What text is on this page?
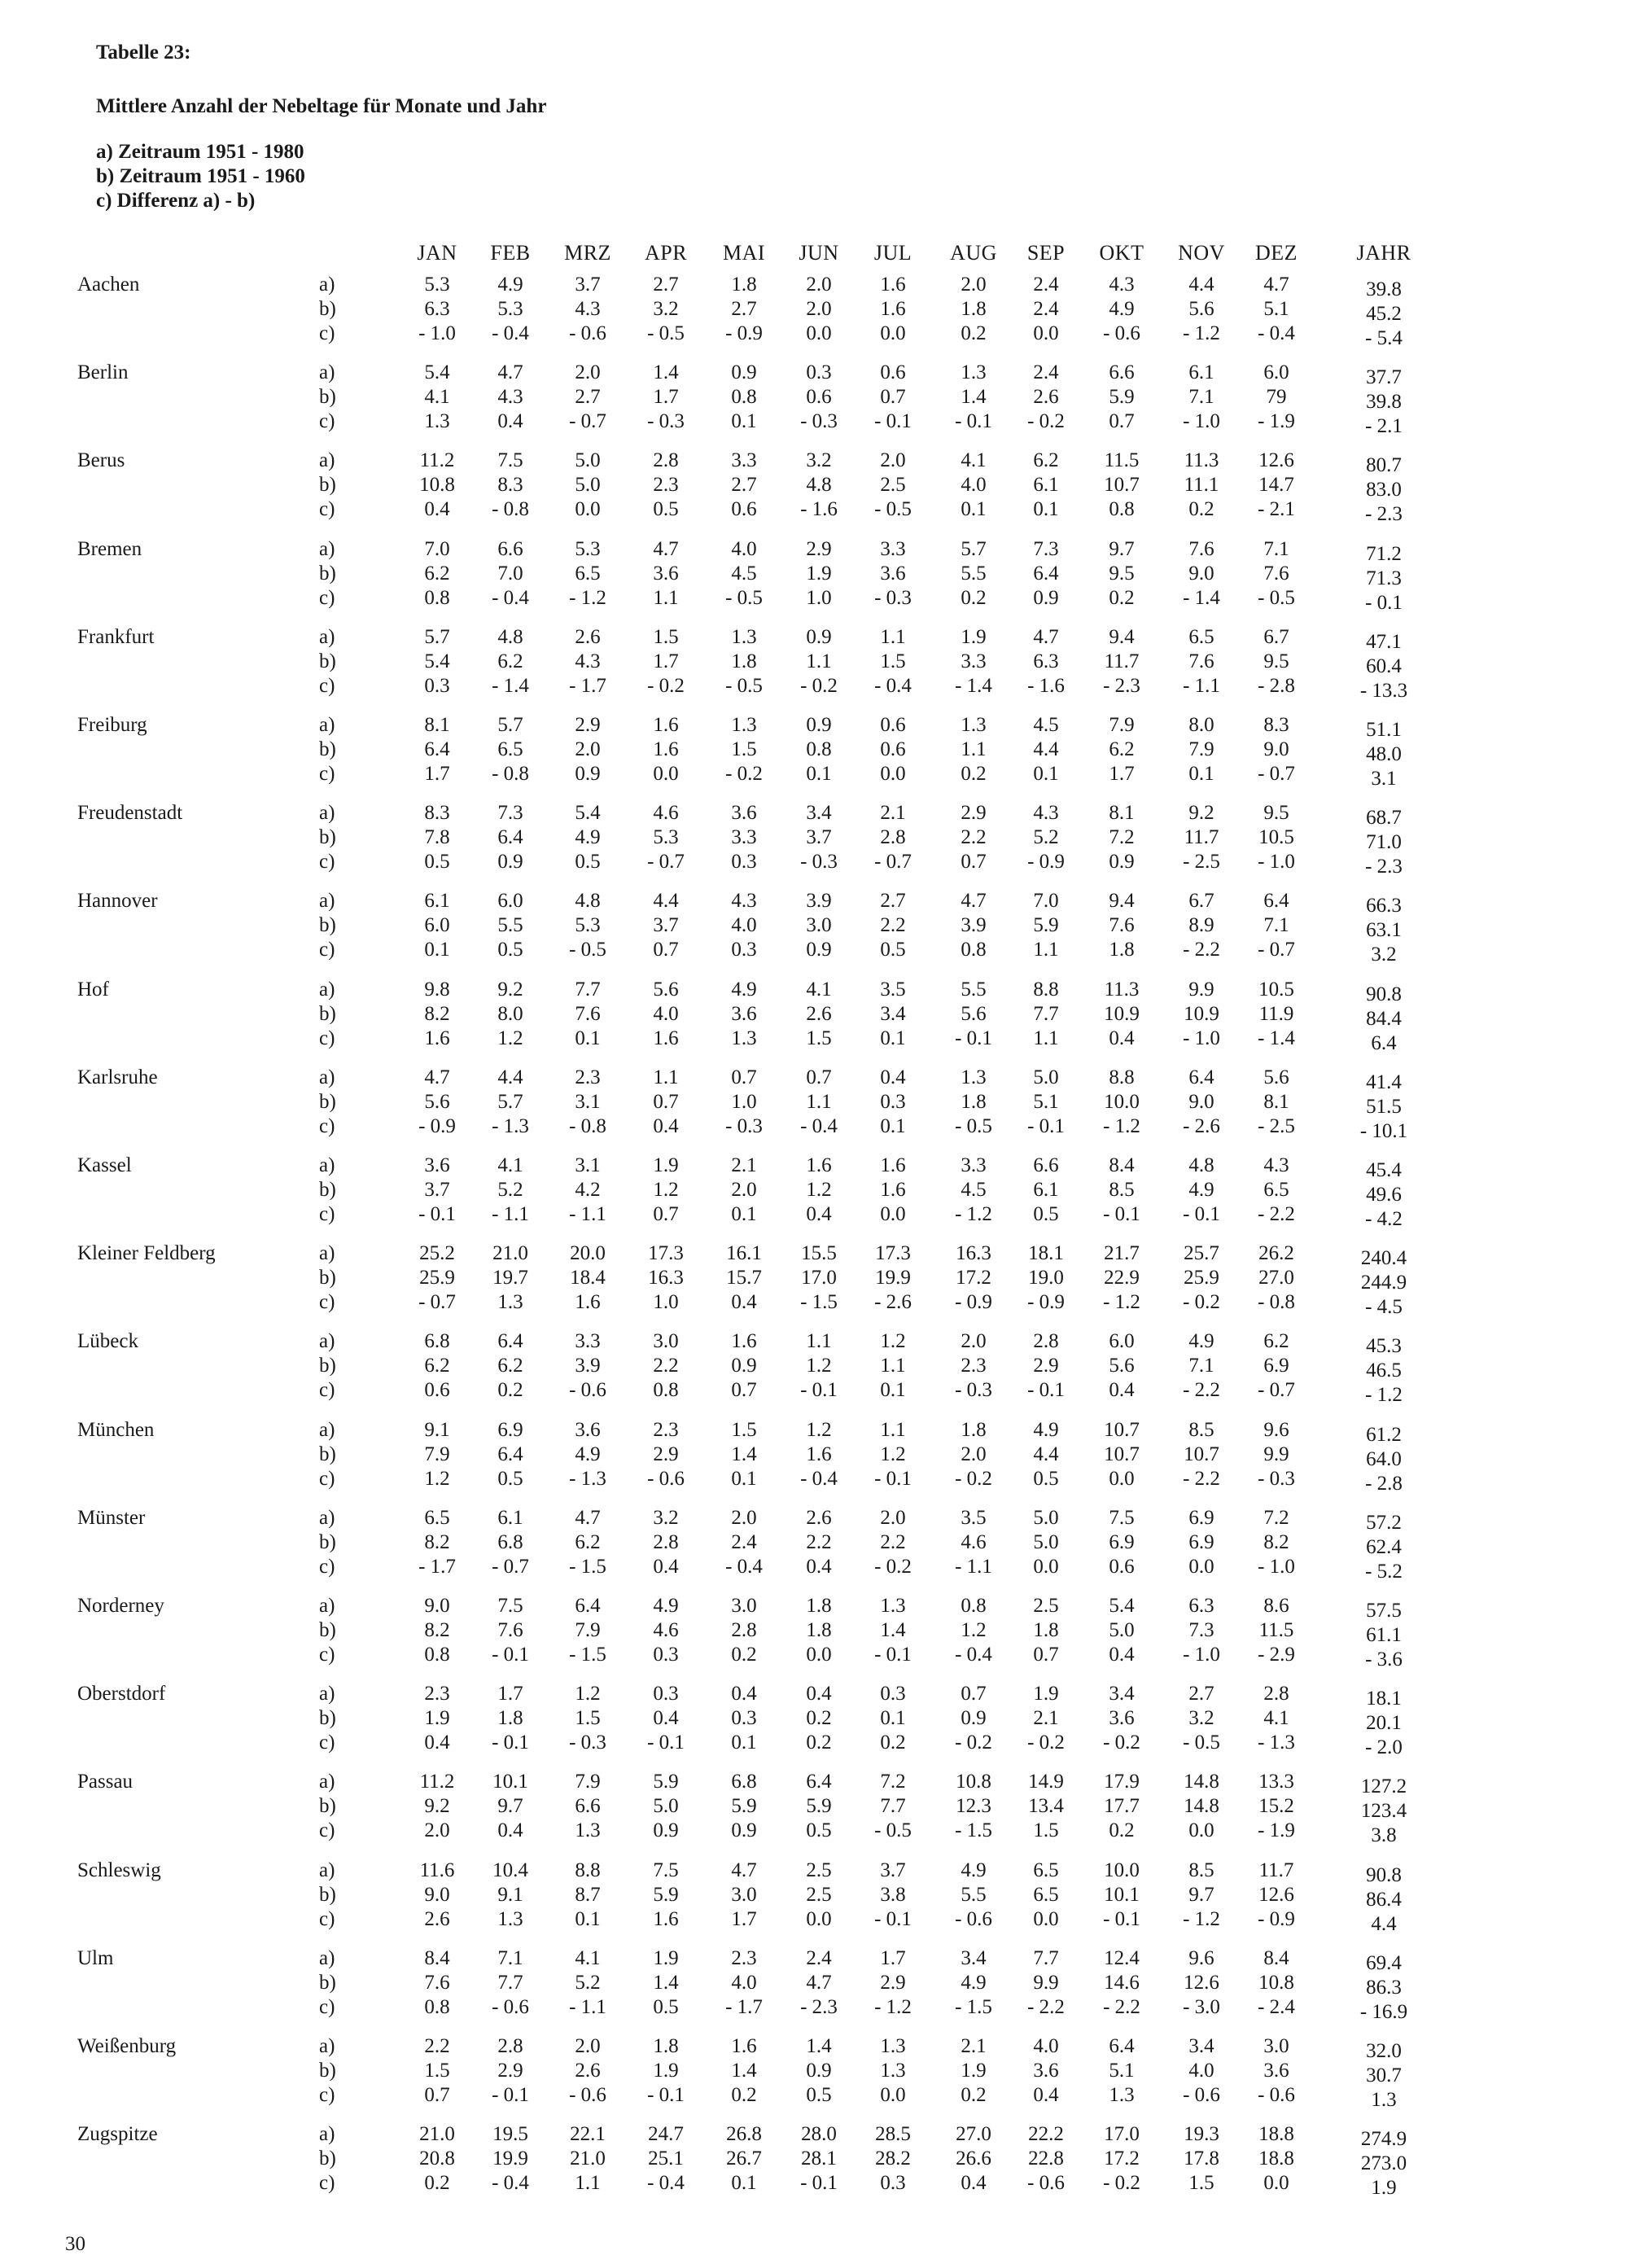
Tabelle 23:
Mittlere Anzahl der Nebeltage für Monate und Jahr
a) Zeitraum 1951 - 1980
b) Zeitraum 1951 - 1960
c) Differenz a) - b)
JAN FEB MRZ APR MAI JUN JUL AUG SEP OKT NOV DEZ	JAHR
Aachen	a)	5.3	4.9	3.7	2.7	1.8	2.0	1.6	2.0	2.4	4.3	4.4	4.7	39.8
b)	6.3	5.3	4.3	3.2	2.7	2.0	1.6	1.8	2.4	4.9	5.6	5.1	45.2
c)	- 1.0	- 0.4	- 0.6	- 0.5	- 0.9	0.0	0.0	0.2	0.0	- 0.6	- 1.2	- 0.4	- 5.4
Berlin	a)	5.4	4.7	2.0	1.4	0.9	0.3	0.6	1.3	2.4	6.6	6.1	6.0	37.7
b)	4.1	4.3	2.7	1.7	0.8	0.6	0.7	1.4	2.6	5.9	7.1	79	39.8
c)	1.3	0.4	- 0.7	- 0.3	0.1	- 0.3	- 0.1	- 0.1	- 0.2	0.7	- 1.0	- 1.9	- 2.1
Berus	a)	11.2	7.5	5.0	2.8	3.3	3.2	2.0	4.1	6.2	11.5	11.3	12.6	80.7
b)	10.8	8.3	5.0	2.3	2.7	4.8	2.5	4.0	6.1	10.7	11.1	14.7	83.0
c)	0.4	- 0.8	0.0	0.5	0.6	- 1.6	- 0.5	0.1	0.1	0.8	0.2	- 2.1	- 2.3
Bremen	a)	7.0	6.6	5.3	4.7	4.0	2.9	3.3	5.7	7.3	9.7	7.6	7.1	71.2
b)	6.2	7.0	6.5	3.6	4.5	1.9	3.6	5.5	6.4	9.5	9.0	7.6	71.3
c)	0.8	- 0.4	- 1.2	1.1	- 0.5	1.0	- 0.3	0.2	0.9	0.2	- 1.4	- 0.5	- 0.1
Frankfurt	a)	5.7	4.8	2.6	1.5	1.3	0.9	1.1	1.9	4.7	9.4	6.5	6.7	47.1
b)	5.4	6.2	4.3	1.7	1.8	1.1	1.5	3.3	6.3	11.7	7.6	9.5	60.4
c)	0.3	- 1.4	- 1.7	- 0.2	- 0.5	- 0.2	- 0.4	- 1.4	- 1.6	- 2.3	- 1.1	- 2.8	- 13.3
Freiburg	a)	8.1	5.7	2.9	1.6	1.3	0.9	0.6	1.3	4.5	7.9	8.0	8.3	51.1
b)	6.4	6.5	2.0	1.6	1.5	0.8	0.6	1.1	4.4	6.2	7.9	9.0	48.0
c)	1.7	- 0.8	0.9	0.0	- 0.2	0.1	0.0	0.2	0.1	1.7	0.1	- 0.7	3.1
Freudenstadt	a)	8.3	7.3	5.4	4.6	3.6	3.4	2.1	2.9	4.3	8.1	9.2	9.5	68.7
b)	7.8	6.4	4.9	5.3	3.3	3.7	2.8	2.2	5.2	7.2	11.7	10.5	71.0
c)	0.5	0.9	0.5	- 0.7	0.3	- 0.3	- 0.7	0.7	- 0.9	0.9	- 2.5	- 1.0	- 2.3
Hannover	a)	6.1	6.0	4.8	4.4	4.3	3.9	2.7	4.7	7.0	9.4	6.7	6.4	66.3
b)	6.0	5.5	5.3	3.7	4.0	3.0	2.2	3.9	5.9	7.6	8.9	7.1	63.1
c)	0.1	0.5	- 0.5	0.7	0.3	0.9	0.5	0.8	1.1	1.8	- 2.2	- 0.7	3.2
Hof	a)	9.8	9.2	7.7	5.6	4.9	4.1	3.5	5.5	8.8	11.3	9.9	10.5	90.8
b)	8.2	8.0	7.6	4.0	3.6	2.6	3.4	5.6	7.7	10.9	10.9	11.9	84.4
c)	1.6	1.2	0.1	1.6	1.3	1.5	0.1	- 0.1	1.1	0.4	- 1.0	- 1.4	6.4
Karlsruhe	a)	4.7	4.4	2.3	1.1	0.7	0.7	0.4	1.3	5.0	8.8	6.4	5.6	41.4
b)	5.6	5.7	3.1	0.7	1.0	1.1	0.3	1.8	5.1	10.0	9.0	8.1	51.5
c)	- 0.9	- 1.3	- 0.8	0.4	- 0.3	- 0.4	0.1	- 0.5	- 0.1	- 1.2	- 2.6	- 2.5	- 10.1
Kassel	a)	3.6	4.1	3.1	1.9	2.1	1.6	1.6	3.3	6.6	8.4	4.8	4.3	45.4
b)	3.7	5.2	4.2	1.2	2.0	1.2	1.6	4.5	6.1	8.5	4.9	6.5	49.6
c)	- 0.1	- 1.1	- 1.1	0.7	0.1	0.4	0.0	- 1.2	0.5	- 0.1	- 0.1	- 2.2	- 4.2
Kleiner Feldberg	a)	25.2	21.0	20.0	17.3	16.1	15.5	17.3	16.3	18.1	21.7	25.7	26.2	240.4
b)	25.9	19.7	18.4	16.3	15.7	17.0	19.9	17.2	19.0	22.9	25.9	27.0	244.9
c)	- 0.7	1.3	1.6	1.0	0.4	- 1.5	- 2.6	- 0.9	- 0.9	- 1.2	- 0.2	- 0.8	- 4.5
Lübeck	a)	6.8	6.4	3.3	3.0	1.6	1.1	1.2	2.0	2.8	6.0	4.9	6.2	45.3
b)	6.2	6.2	3.9	2.2	0.9	1.2	1.1	2.3	2.9	5.6	7.1	6.9	46.5
c)	0.6	0.2	- 0.6	0.8	0.7	- 0.1	0.1	- 0.3	- 0.1	0.4	- 2.2	- 0.7	- 1.2
München	a)	9.1	6.9	3.6	2.3	1.5	1.2	1.1	1.8	4.9	10.7	8.5	9.6	61.2
b)	7.9	6.4	4.9	2.9	1.4	1.6	1.2	2.0	4.4	10.7	10.7	9.9	64.0
c)	1.2	0.5	- 1.3	- 0.6	0.1	- 0.4	- 0.1	- 0.2	0.5	0.0	- 2.2	- 0.3	- 2.8
Münster	a)	6.5	6.1	4.7	3.2	2.0	2.6	2.0	3.5	5.0	7.5	6.9	7.2	57.2
b)	8.2	6.8	6.2	2.8	2.4	2.2	2.2	4.6	5.0	6.9	6.9	8.2	62.4
c)	- 1.7	- 0.7	- 1.5	0.4	- 0.4	0.4	- 0.2	- 1.1	0.0	0.6	0.0	- 1.0	- 5.2
Norderney	a)	9.0	7.5	6.4	4.9	3.0	1.8	1.3	0.8	2.5	5.4	6.3	8.6	57.5
b)	8.2	7.6	7.9	4.6	2.8	1.8	1.4	1.2	1.8	5.0	7.3	11.5	61.1
c)	0.8	- 0.1	- 1.5	0.3	0.2	0.0	- 0.1	- 0.4	0.7	0.4	- 1.0	- 2.9	- 3.6
Oberstdorf	a)	2.3	1.7	1.2	0.3	0.4	0.4	0.3	0.7	1.9	3.4	2.7	2.8	18.1
b)	1.9	1.8	1.5	0.4	0.3	0.2	0.1	0.9	2.1	3.6	3.2	4.1	20.1
c)	0.4	- 0.1	- 0.3	- 0.1	0.1	0.2	0.2	- 0.2	- 0.2	- 0.2	- 0.5	- 1.3	- 2.0
Passau	a)	11.2	10.1	7.9	5.9	6.8	6.4	7.2	10.8	14.9	17.9	14.8	13.3	127.2
b)	9.2	9.7	6.6	5.0	5.9	5.9	7.7	12.3	13.4	17.7	14.8	15.2	123.4
c)	2.0	0.4	1.3	0.9	0.9	0.5	- 0.5	- 1.5	1.5	0.2	0.0	- 1.9	3.8
Schleswig	a)	11.6	10.4	8.8	7.5	4.7	2.5	3.7	4.9	6.5	10.0	8.5	11.7	90.8
b)	9.0	9.1	8.7	5.9	3.0	2.5	3.8	5.5	6.5	10.1	9.7	12.6	86.4
c)	2.6	1.3	0.1	1.6	1.7	0.0	- 0.1	- 0.6	0.0	- 0.1	- 1.2	- 0.9	4.4
Ulm	a)	8.4	7.1	4.1	1.9	2.3	2.4	1.7	3.4	7.7	12.4	9.6	8.4	69.4
b)	7.6	7.7	5.2	1.4	4.0	4.7	2.9	4.9	9.9	14.6	12.6	10.8	86.3
c)	0.8	- 0.6	- 1.1	0.5	- 1.7	- 2.3	- 1.2	- 1.5	- 2.2	- 2.2	- 3.0	- 2.4	- 16.9
Weißenburg	a)	2.2	2.8	2.0	1.8	1.6	1.4	1.3	2.1	4.0	6.4	3.4	3.0	32.0
b)	1.5	2.9	2.6	1.9	1.4	0.9	1.3	1.9	3.6	5.1	4.0	3.6	30.7
c)	0.7	- 0.1	- 0.6	- 0.1	0.2	0.5	0.0	0.2	0.4	1.3	- 0.6	- 0.6	1.3
Zugspitze	a)	21.0	19.5	22.1	24.7	26.8	28.0	28.5	27.0	22.2	17.0	19.3	18.8	274.9
b)	20.8	19.9	21.0	25.1	26.7	28.1	28.2	26.6	22.8	17.2	17.8	18.8	273.0
c)	0.2	- 0.4	1.1	- 0.4	0.1	- 0.1	0.3	0.4	- 0.6	- 0.2	1.5	0.0	1.9
30
